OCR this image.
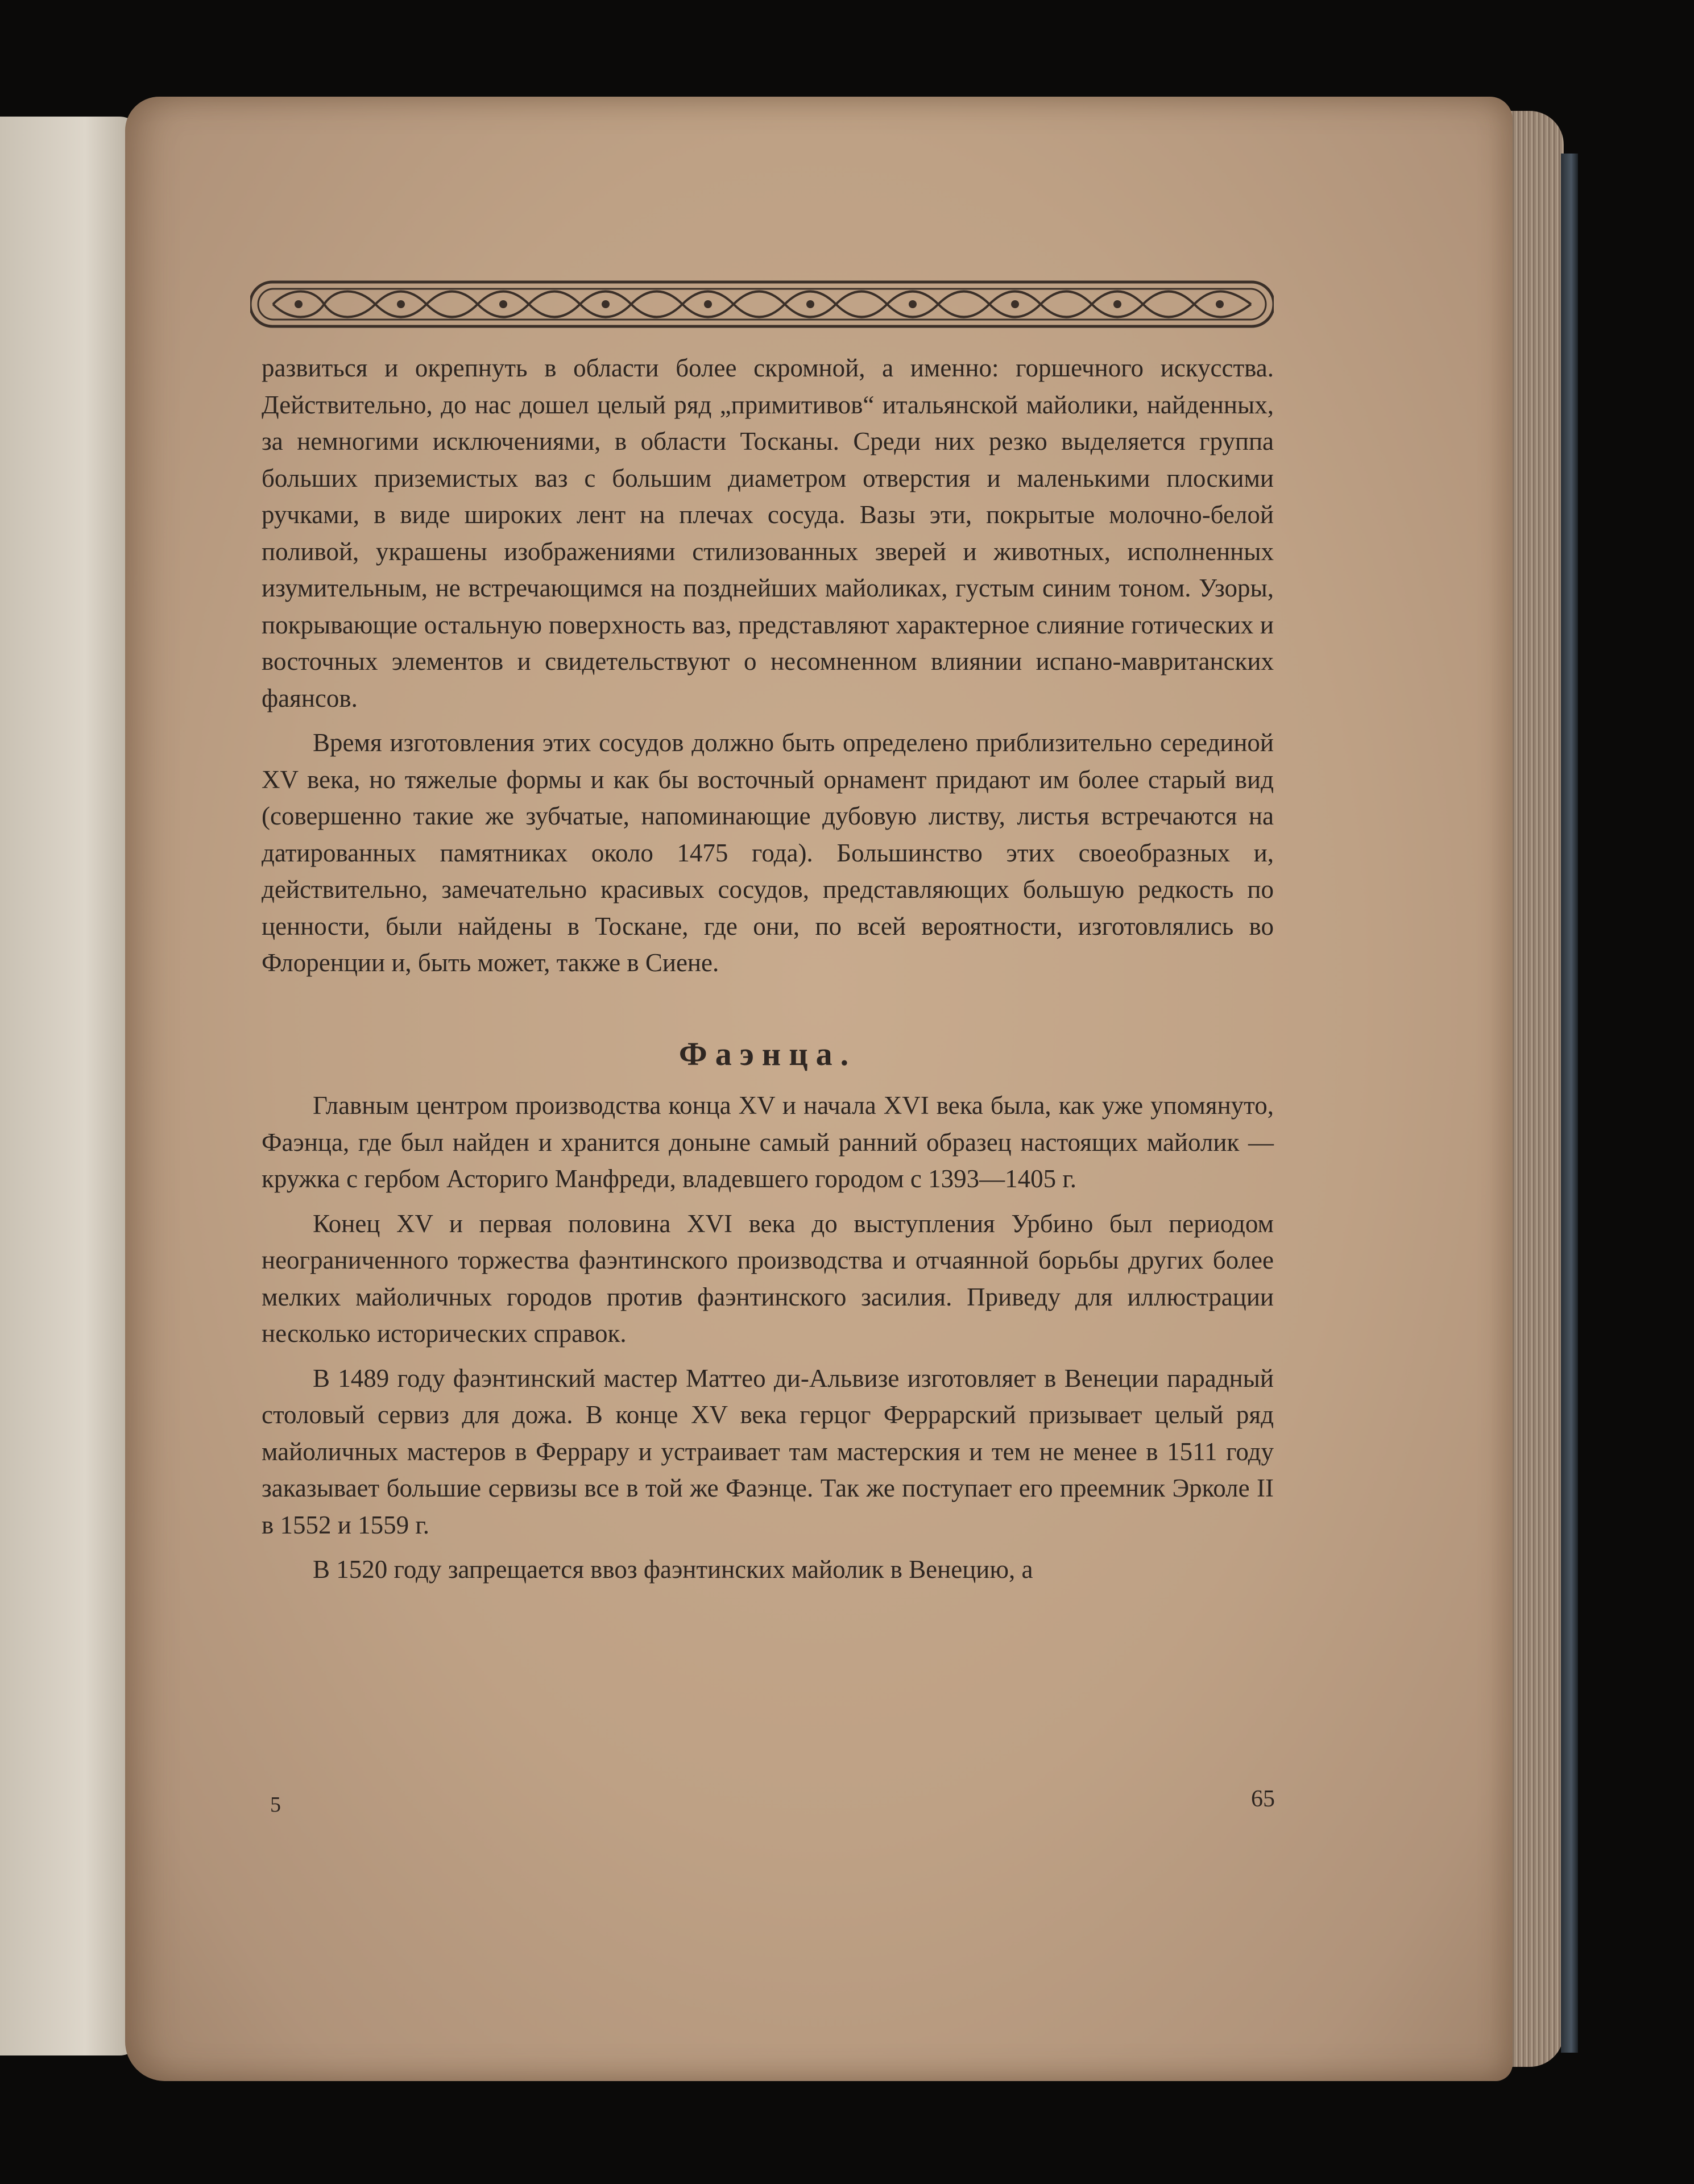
развиться и окрепнуть в области более скромной, а именно: горшечного искусства. Действительно, до нас дошел целый ряд „примитивов“ итальянской майолики, найденных, за немногими исключениями, в области Тосканы. Среди них резко выделяется группа больших приземистых ваз с большим диаметром отверстия и маленькими плоскими ручками, в виде широких лент на плечах сосуда. Вазы эти, покрытые молочно-белой поливой, украшены изображениями стилизованных зверей и животных, исполненных изумительным, не встречающимся на позднейших майоликах, густым синим тоном. Узоры, покрывающие остальную поверхность ваз, представляют характерное слияние готических и восточных элементов и свидетельствуют о несомненном влиянии испано-мавританских фаянсов.

Время изготовления этих сосудов должно быть определено приблизительно серединой XV века, но тяжелые формы и как бы восточный орнамент придают им более старый вид (совершенно такие же зубчатые, напоминающие дубовую листву, листья встречаются на датированных памятниках около 1475 года). Большинство этих своеобразных и, действительно, замечательно красивых сосудов, представляющих большую редкость по ценности, были найдены в Тоскане, где они, по всей вероятности, изготовлялись во Флоренции и, быть может, также в Сиене.

Фаэнца.

Главным центром производства конца XV и начала XVI века была, как уже упомянуто, Фаэнца, где был найден и хранится доныне самый ранний образец настоящих майолик — кружка с гербом Асториго Манфреди, владевшего городом с 1393—1405 г.

Конец XV и первая половина XVI века до выступления Урбино был периодом неограниченного торжества фаэнтинского производства и отчаянной борьбы других более мелких майоличных городов против фаэнтинского засилия. Приведу для иллюстрации несколько исторических справок.

В 1489 году фаэнтинский мастер Маттео ди-Альвизе изготовляет в Венеции парадный столовый сервиз для дожа. В конце XV века герцог Феррарский призывает целый ряд майоличных мастеров в Феррару и устраивает там мастерския и тем не менее в 1511 году заказывает большие сервизы все в той же Фаэнце. Так же поступает его преемник Эрколе II в 1552 и 1559 г.

В 1520 году запрещается ввоз фаэнтинских майолик в Венецию, а

5	65
